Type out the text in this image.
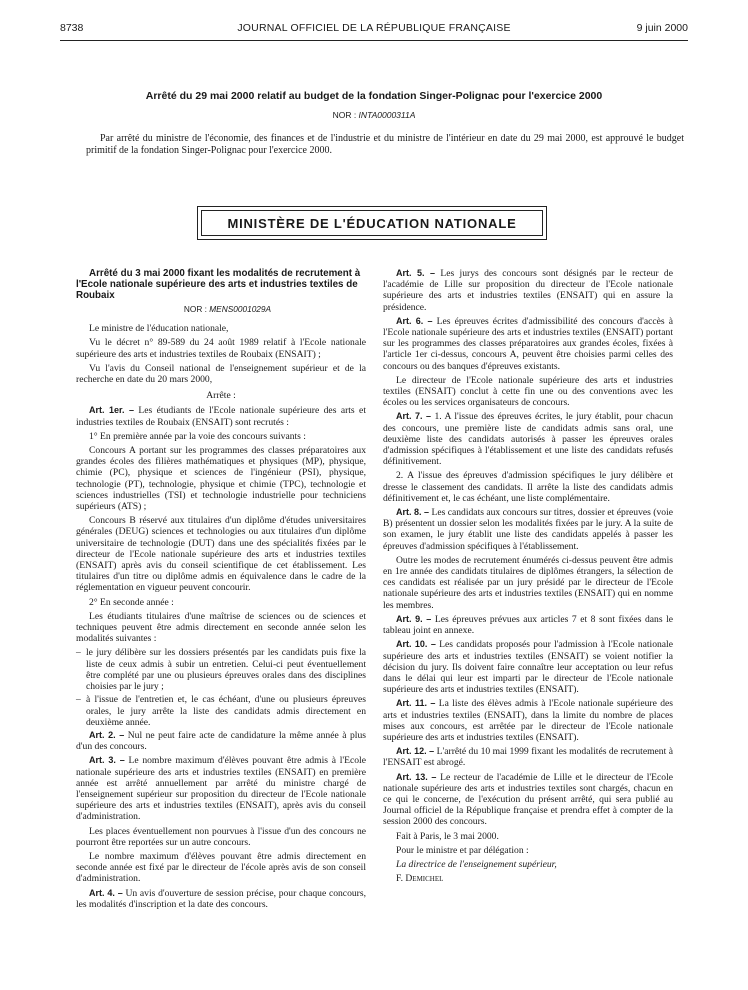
8738	JOURNAL OFFICIEL DE LA RÉPUBLIQUE FRANÇAISE	9 juin 2000
Arrêté du 29 mai 2000 relatif au budget de la fondation Singer-Polignac pour l'exercice 2000
NOR : INTA0000311A
Par arrêté du ministre de l'économie, des finances et de l'industrie et du ministre de l'intérieur en date du 29 mai 2000, est approuvé le budget primitif de la fondation Singer-Polignac pour l'exercice 2000.
MINISTÈRE DE L'ÉDUCATION NATIONALE

Arrêté du 3 mai 2000 fixant les modalités de recrutement à l'Ecole nationale supérieure des arts et industries textiles de Roubaix

NOR : MENS0001029A

Le ministre de l'éducation nationale,

Vu le décret n° 89-589 du 24 août 1989 relatif à l'Ecole nationale supérieure des arts et industries textiles de Roubaix (ENSAIT) ;

Vu l'avis du Conseil national de l'enseignement supérieur et de la recherche en date du 20 mars 2000,

Arrête :

Art. 1er. – Les étudiants de l'Ecole nationale supérieure des arts et industries textiles de Roubaix (ENSAIT) sont recrutés :

1° En première année par la voie des concours suivants :

Concours A portant sur les programmes des classes préparatoires aux grandes écoles des filières mathématiques et physiques (MP), physique, chimie (PC), physique et sciences de l'ingénieur (PSI), physique, technologie (PT), technologie, physique et chimie (TPC), technologie et sciences industrielles (TSI) et technologie industrielle pour techniciens supérieurs (ATS) ;

Concours B réservé aux titulaires d'un diplôme d'études universitaires générales (DEUG) sciences et technologies ou aux titulaires d'un diplôme universitaire de technologie (DUT) dans une des spécialités fixées par le directeur de l'Ecole nationale supérieure des arts et industries textiles (ENSAIT) après avis du conseil scientifique de cet établissement. Les titulaires d'un titre ou diplôme admis en équivalence dans le cadre de la réglementation en vigueur peuvent concourir.

2° En seconde année :

Les étudiants titulaires d'une maîtrise de sciences ou de sciences et techniques peuvent être admis directement en seconde année selon les modalités suivantes :

– le jury délibère sur les dossiers présentés par les candidats puis fixe la liste de ceux admis à subir un entretien. Celui-ci peut éventuellement être complété par une ou plusieurs épreuves orales dans des disciplines choisies par le jury ;

– à l'issue de l'entretien et, le cas échéant, d'une ou plusieurs épreuves orales, le jury arrête la liste des candidats admis directement en deuxième année.

Art. 2. – Nul ne peut faire acte de candidature la même année à plus d'un des concours.

Art. 3. – Le nombre maximum d'élèves pouvant être admis à l'Ecole nationale supérieure des arts et industries textiles (ENSAIT) en première année est arrêté annuellement par arrêté du ministre chargé de l'enseignement supérieur sur proposition du directeur de l'Ecole nationale supérieure des arts et industries textiles (ENSAIT), après avis du conseil d'administration.

Les places éventuellement non pourvues à l'issue d'un des concours ne pourront être reportées sur un autre concours.

Le nombre maximum d'élèves pouvant être admis directement en seconde année est fixé par le directeur de l'école après avis de son conseil d'administration.

Art. 4. – Un avis d'ouverture de session précise, pour chaque concours, les modalités d'inscription et la date des concours.

Art. 5. – Les jurys des concours sont désignés par le recteur de l'académie de Lille sur proposition du directeur de l'Ecole nationale supérieure des arts et industries textiles (ENSAIT) qui en assure la présidence.

Art. 6. – Les épreuves écrites d'admissibilité des concours d'accès à l'Ecole nationale supérieure des arts et industries textiles (ENSAIT) portant sur les programmes des classes préparatoires aux grandes écoles, fixées à l'article 1er ci-dessus, concours A, peuvent être choisies parmi celles des concours ou des banques d'épreuves existants.

Le directeur de l'Ecole nationale supérieure des arts et industries textiles (ENSAIT) conclut à cette fin une ou des conventions avec les écoles ou les services organisateurs de concours.

Art. 7. – 1. A l'issue des épreuves écrites, le jury établit, pour chacun des concours, une première liste de candidats admis sans oral, une deuxième liste des candidats autorisés à passer les épreuves orales d'admission spécifiques à l'établissement et une liste des candidats refusés définitivement.

2. A l'issue des épreuves d'admission spécifiques le jury délibère et dresse le classement des candidats. Il arrête la liste des candidats admis définitivement et, le cas échéant, une liste complémentaire.

Art. 8. – Les candidats aux concours sur titres, dossier et épreuves (voie B) présentent un dossier selon les modalités fixées par le jury. A la suite de son examen, le jury établit une liste des candidats appelés à passer les épreuves d'admission spécifiques à l'établissement.

Outre les modes de recrutement énumérés ci-dessus peuvent être admis en 1re année des candidats titulaires de diplômes étrangers, la sélection de ces candidats est réalisée par un jury présidé par le directeur de l'Ecole nationale supérieure des arts et industries textiles (ENSAIT) qui en nomme les membres.

Art. 9. – Les épreuves prévues aux articles 7 et 8 sont fixées dans le tableau joint en annexe.

Art. 10. – Les candidats proposés pour l'admission à l'Ecole nationale supérieure des arts et industries textiles (ENSAIT) se voient notifier la décision du jury. Ils doivent faire connaître leur acceptation ou leur refus dans le délai qui leur est imparti par le directeur de l'Ecole nationale supérieure des arts et industries textiles (ENSAIT).

Art. 11. – La liste des élèves admis à l'Ecole nationale supérieure des arts et industries textiles (ENSAIT), dans la limite du nombre de places mises aux concours, est arrêtée par le directeur de l'Ecole nationale supérieure des arts et industries textiles (ENSAIT).

Art. 12. – L'arrêté du 10 mai 1999 fixant les modalités de recrutement à l'ENSAIT est abrogé.

Art. 13. – Le recteur de l'académie de Lille et le directeur de l'Ecole nationale supérieure des arts et industries textiles sont chargés, chacun en ce qui le concerne, de l'exécution du présent arrêté, qui sera publié au Journal officiel de la République française et prendra effet à compter de la session 2000 des concours.

Fait à Paris, le 3 mai 2000.

Pour le ministre et par délégation :

La directrice de l'enseignement supérieur,

F. Demichel
